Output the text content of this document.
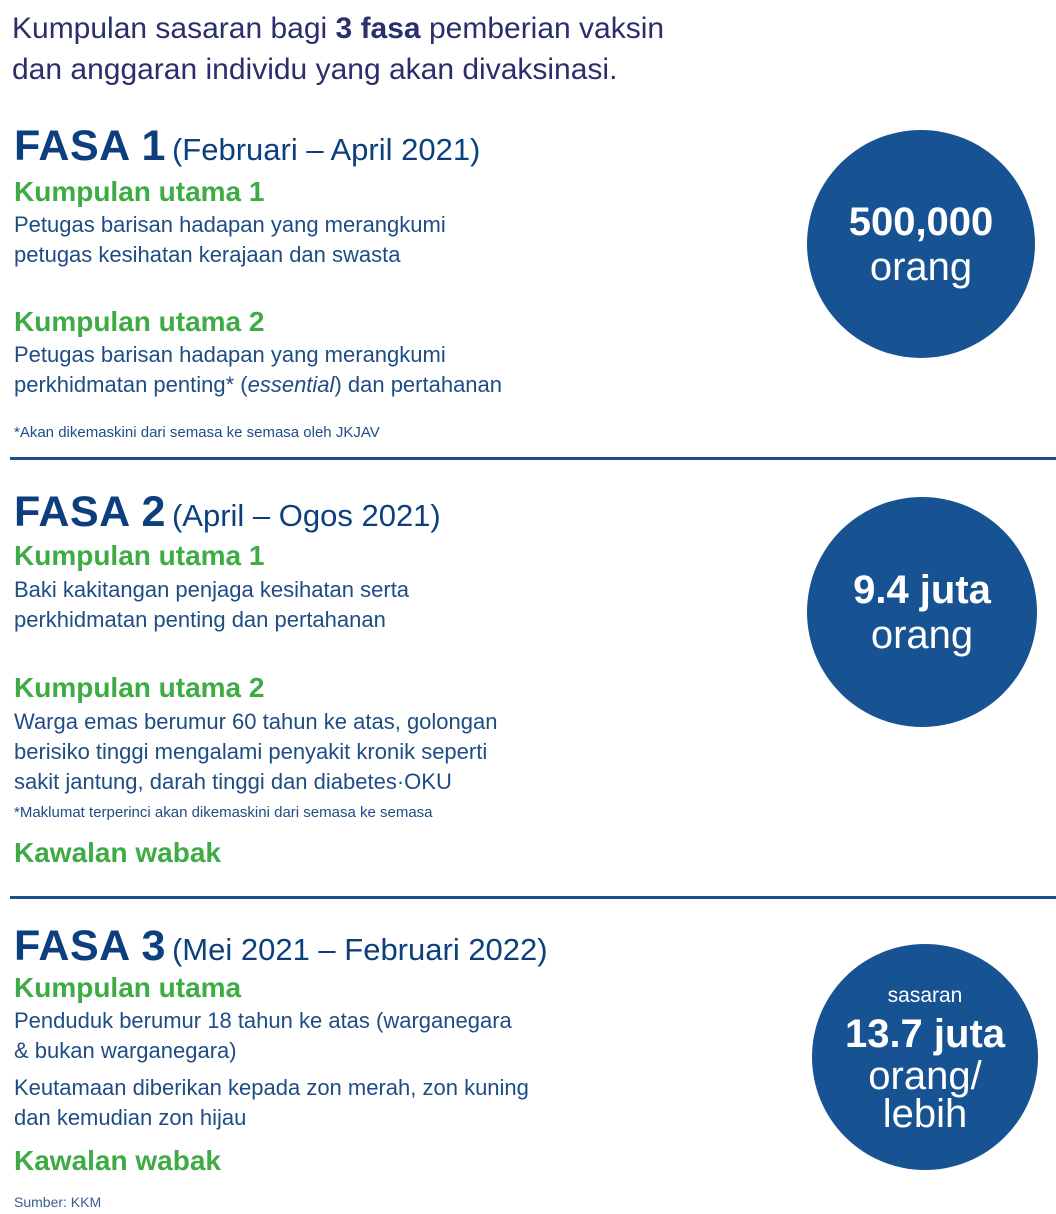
Kumpulan sasaran bagi 3 fasa pemberian vaksin
dan anggaran individu yang akan divaksinasi.
FASA 1 (Februari – April 2021)
Kumpulan utama 1
Petugas barisan hadapan yang merangkumi
petugas kesihatan kerajaan dan swasta
Kumpulan utama 2
Petugas barisan hadapan yang merangkumi
perkhidmatan penting* (essential) dan pertahanan
*Akan dikemaskini dari semasa ke semasa oleh JKJAV
500,000
orang
FASA 2 (April – Ogos 2021)
Kumpulan utama 1
Baki kakitangan penjaga kesihatan serta
perkhidmatan penting dan pertahanan
Kumpulan utama 2
Warga emas berumur 60 tahun ke atas, golongan
berisiko tinggi mengalami penyakit kronik seperti
sakit jantung, darah tinggi dan diabetes·OKU
*Maklumat terperinci akan dikemaskini dari semasa ke semasa
Kawalan wabak
9.4 juta
orang
FASA 3 (Mei 2021 – Februari 2022)
Kumpulan utama
Penduduk berumur 18 tahun ke atas (warganegara
& bukan warganegara)
Keutamaan diberikan kepada zon merah, zon kuning
dan kemudian zon hijau
Kawalan wabak
sasaran
13.7 juta
orang/
lebih
Sumber: KKM
